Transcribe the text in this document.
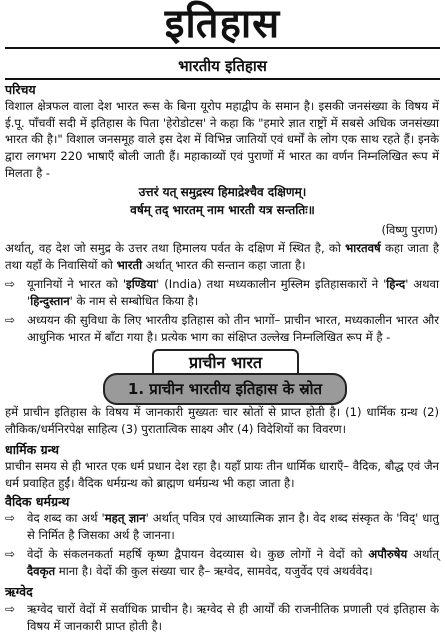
इतिहास
भारतीय इतिहास
परिचय

विशाल क्षेत्रफल वाला देश भारत रूस के बिना यूरोप महाद्वीप के समान है। इसकी जनसंख्या के विषय में ई.पू. पाँचवीं सदी में इतिहास के पिता 'हेरोडोटस' ने कहा कि "हमारे ज्ञात राष्ट्रों में सबसे अधिक जनसंख्या भारत की है।" विशाल जनसमूह वाले इस देश में विभिन्न जातियों एवं धर्मों के लोग एक साथ रहते हैं। इनके द्वारा लगभग 220 भाषाएँ बोली जाती हैं। महाकाव्यों एवं पुराणों में भारत का वर्णन निम्नलिखित रूप में मिलता है -

उत्तरं यत् समुद्रस्य हिमाद्रेश्चैव दक्षिणम्।

वर्षम् तद् भारतम् नाम भारती यत्र सन्ततिः॥

(विष्णु पुराण)

अर्थात्, वह देश जो समुद्र के उत्तर तथा हिमालय पर्वत के दक्षिण में स्थित है, को भारतवर्ष कहा जाता है तथा यहाँ के निवासियों को भारती अर्थात् भारत की सन्तान कहा जाता है।

⇨ यूनानियों ने भारत को 'इण्डिया' (India) तथा मध्यकालीन मुस्लिम इतिहासकारों ने 'हिन्द' अथवा 'हिन्दुस्तान' के नाम से सम्बोधित किया है।
⇨ अध्ययन की सुविधा के लिए भारतीय इतिहास को तीन भागों– प्राचीन भारत, मध्यकालीन भारत और आधुनिक भारत में बाँटा गया है। प्रत्येक भाग का संक्षिप्त उल्लेख निम्नलिखित रूप में है -
प्राचीन भारत
1. प्राचीन भारतीय इतिहास के स्रोत

हमें प्राचीन इतिहास के विषय में जानकारी मुख्यतः चार स्रोतों से प्राप्त होती है। (1) धार्मिक ग्रन्थ (2) लौकिक/धर्मनिरपेक्ष साहित्य (3) पुरातात्विक साक्ष्य और (4) विदेशियों का विवरण।

धार्मिक ग्रन्थ

प्राचीन समय से ही भारत एक धर्म प्रधान देश रहा है। यहाँ प्रायः तीन धार्मिक धाराएँ– वैदिक, बौद्ध एवं जैन धर्म प्रवाहित हुईं। वैदिक धर्मग्रन्थ को ब्राह्मण धर्मग्रन्थ भी कहा जाता है।

वैदिक धर्मग्रन्थ
⇨ वेद शब्द का अर्थ 'महत् ज्ञान' अर्थात् पवित्र एवं आध्यात्मिक ज्ञान है। वेद शब्द संस्कृत के 'विद्' धातु से निर्मित है जिसका अर्थ है जानना।
⇨ वेदों के संकलनकर्ता महर्षि कृष्ण द्वैपायन वेदव्यास थे। कुछ लोगों ने वेदों को अपौरुषेय अर्थात् दैवकृत माना है। वेदों की कुल संख्या चार है– ऋग्वेद, सामवेद, यजुर्वेद एवं अथर्ववेद।
ऋग्वेद
⇨ ऋग्वेद चारों वेदों में सर्वाधिक प्राचीन है। ऋग्वेद से ही आर्यों की राजनीतिक प्रणाली एवं इतिहास के विषय में जानकारी प्राप्त होती है।
